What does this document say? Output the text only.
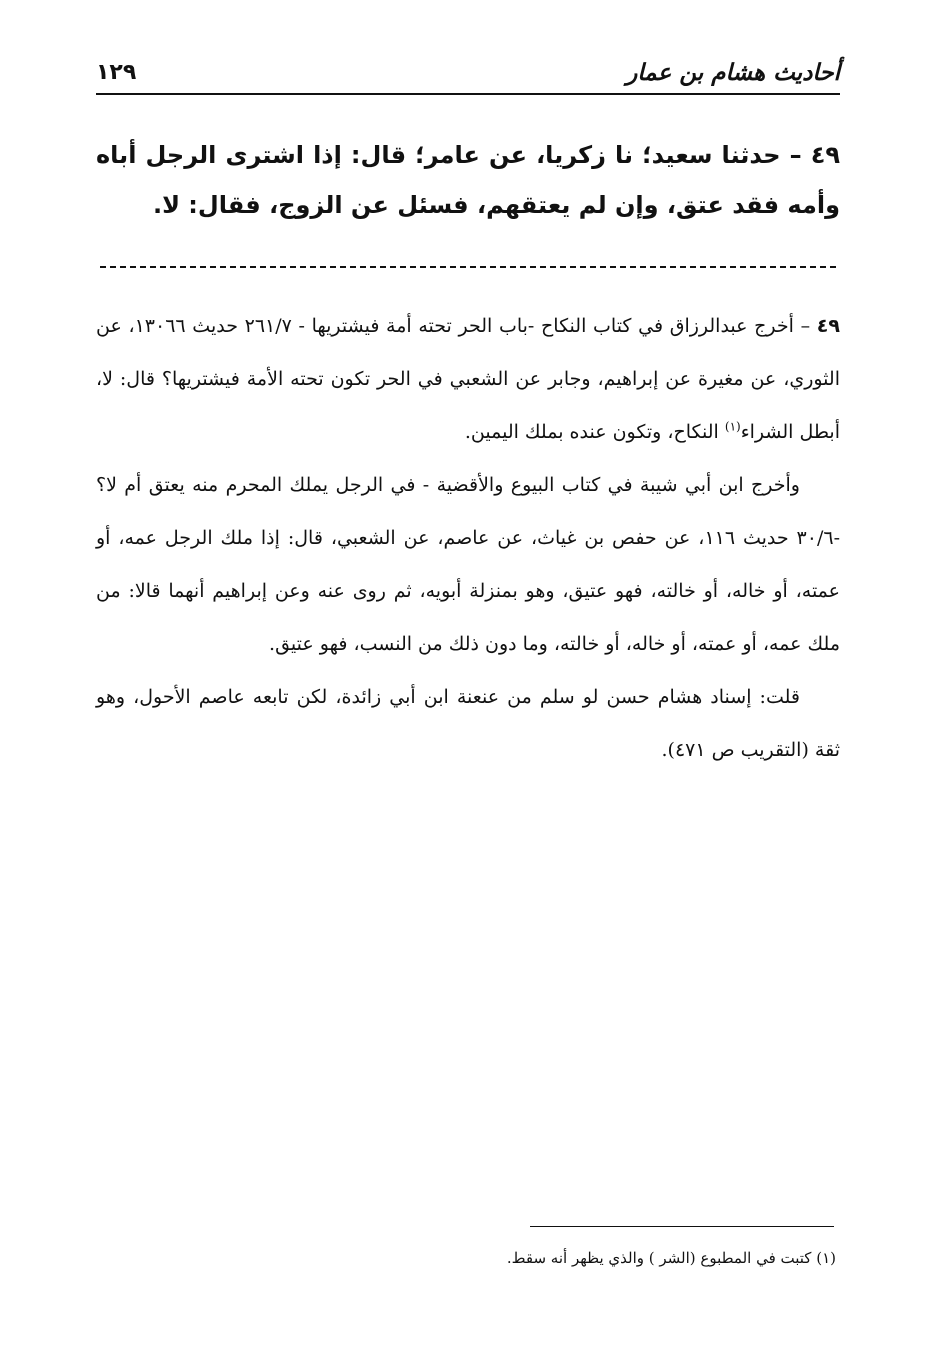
أحاديث هشام بن عمار
١٢٩
٤٩ – حدثنا سعيد؛ نا زكريا، عن عامر؛ قال: إذا اشترى الرجل أباه وأمه فقد عتق، وإن لم يعتقهم، فسئل عن الزوج، فقال: لا.

٤٩ – أخرج عبدالرزاق في كتاب النكاح -باب الحر تحته أمة فيشتريها - ٢٦١/٧ حديث ١٣٠٦٦، عن الثوري، عن مغيرة عن إبراهيم، وجابر عن الشعبي في الحر تكون تحته الأمة فيشتريها؟ قال: لا، أبطل الشراء$^{(١)}$ النكاح، وتكون عنده بملك اليمين.

وأخرج ابن أبي شيبة في كتاب البيوع والأقضية - في الرجل يملك المحرم منه يعتق أم لا؟ -٣٠/٦ حديث ١١٦، عن حفص بن غياث، عن عاصم، عن الشعبي، قال: إذا ملك الرجل عمه، أو عمته، أو خاله، أو خالته، فهو عتيق، وهو بمنزلة أبويه، ثم روى عنه وعن إبراهيم أنهما قالا: من ملك عمه، أو عمته، أو خاله، أو خالته، وما دون ذلك من النسب، فهو عتيق.

قلت: إسناد هشام حسن لو سلم من عنعنة ابن أبي زائدة، لكن تابعه عاصم الأحول، وهو ثقة (التقريب ص ٤٧١).

(١) كتبت في المطبوع (الشر ) والذي يظهر أنه سقط.
